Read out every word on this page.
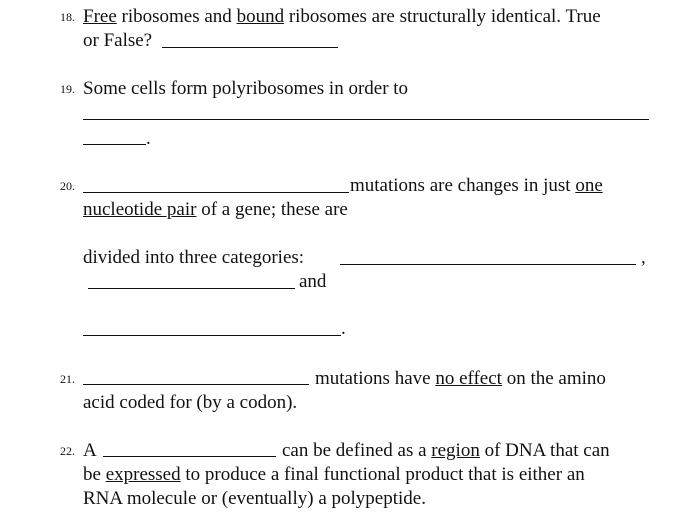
18. Free ribosomes and bound ribosomes are structurally identical. True
or False?
19. Some cells form polyribosomes in order to
.
20.	mutations are changes in just one
nucleotide pair of a gene; these are
divided into three categories:	,
and
.
21.	mutations have no effect on the amino
acid coded for (by a codon).
22. A	can be defined as a region of DNA that can
be expressed to produce a final functional product that is either an
RNA molecule or (eventually) a polypeptide.
